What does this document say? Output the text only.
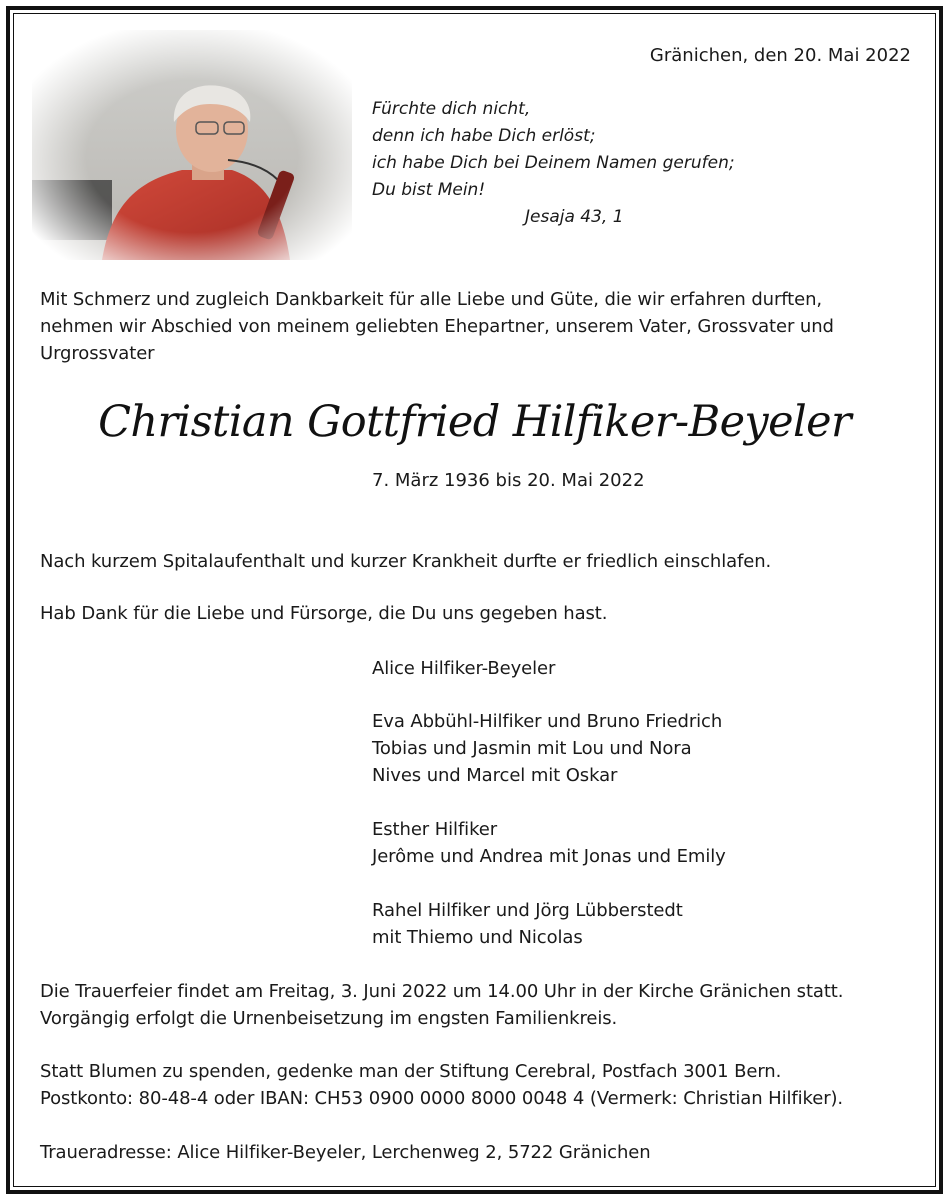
Gränichen, den 20. Mai 2022
Fürchte dich nicht,
denn ich habe Dich erlöst;
ich habe Dich bei Deinem Namen gerufen;
Du bist Mein!
Jesaja 43, 1
Mit Schmerz und zugleich Dankbarkeit für alle Liebe und Güte, die wir erfahren durften,
nehmen wir Abschied von meinem geliebten Ehepartner, unserem Vater, Grossvater und
Urgrossvater
Christian Gottfried Hilfiker-Beyeler
7. März 1936 bis 20. Mai 2022
Nach kurzem Spitalaufenthalt und kurzer Krankheit durfte er friedlich einschlafen.
Hab Dank für die Liebe und Fürsorge, die Du uns gegeben hast.
Alice Hilfiker-Beyeler
Eva Abbühl-Hilfiker und Bruno Friedrich
Tobias und Jasmin mit Lou und Nora
Nives und Marcel mit Oskar
Esther Hilfiker
Jerôme und Andrea mit Jonas und Emily
Rahel Hilfiker und Jörg Lübberstedt
mit Thiemo und Nicolas
Die Trauerfeier findet am Freitag, 3. Juni 2022 um 14.00 Uhr in der Kirche Gränichen statt.
Vorgängig erfolgt die Urnenbeisetzung im engsten Familienkreis.
Statt Blumen zu spenden, gedenke man der Stiftung Cerebral, Postfach 3001 Bern.
Postkonto: 80-48-4 oder IBAN: CH53 0900 0000 8000 0048 4 (Vermerk: Christian Hilfiker).
Traueradresse: Alice Hilfiker-Beyeler, Lerchenweg 2, 5722 Gränichen
